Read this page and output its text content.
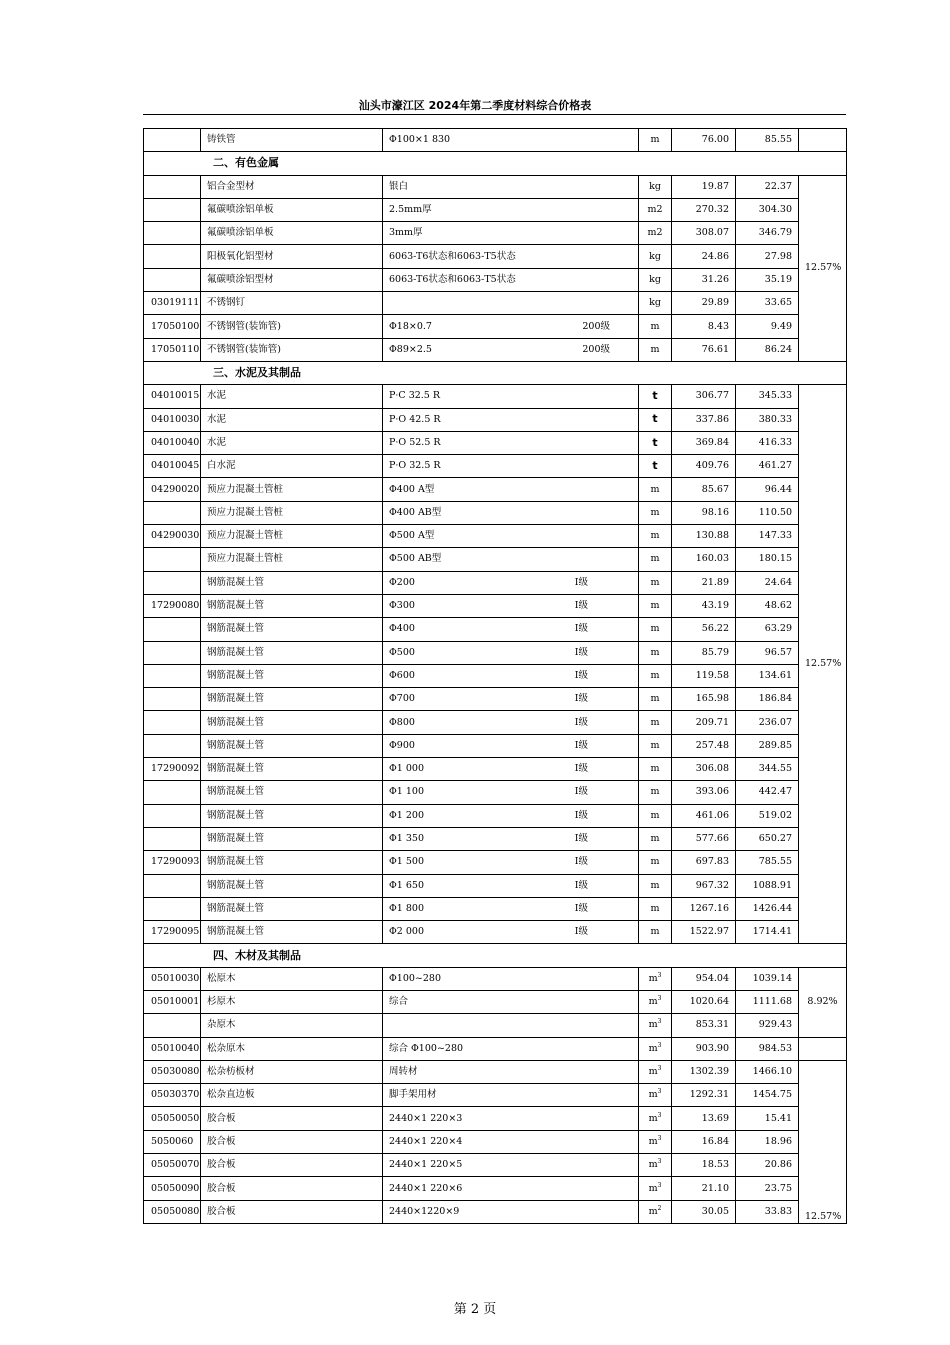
汕头市濠江区 2024年第二季度材料综合价格表
	铸铁管	Φ100×1 830	m	76.00	85.55	
二、有色金属						
	铝合金型材	银白	kg	19.87	22.37	12.57%
	氟碳喷涂铝单板	2.5mm厚	m2	270.32	304.30	
	氟碳喷涂铝单板	3mm厚	m2	308.07	346.79	
	阳极氧化铝型材	6063-T6状态和6063-T5状态	kg	24.86	27.98	
	氟碳喷涂铝型材	6063-T6状态和6063-T5状态	kg	31.26	35.19	
03019111	不锈钢钉		kg	29.89	33.65	
17050100	不锈钢管(装饰管)	Φ18×0.7 200级	m	8.43	9.49	
17050110	不锈钢管(装饰管)	Φ89×2.5 200级	m	76.61	86.24	
三、水泥及其制品						
04010015	水泥	P·C 32.5 R	t	306.77	345.33	12.57%
04010030	水泥	P·O 42.5 R	t	337.86	380.33	
04010040	水泥	P·O 52.5 R	t	369.84	416.33	
04010045	白水泥	P·O 32.5 R	t	409.76	461.27	
04290020	预应力混凝土管桩	Φ400 A型	m	85.67	96.44	
	预应力混凝土管桩	Φ400 AB型	m	98.16	110.50	
04290030	预应力混凝土管桩	Φ500 A型	m	130.88	147.33	
	预应力混凝土管桩	Φ500 AB型	m	160.03	180.15	
	钢筋混凝土管	Φ200 Ⅰ级	m	21.89	24.64	
17290080	钢筋混凝土管	Φ300 Ⅰ级	m	43.19	48.62	
	钢筋混凝土管	Φ400 Ⅰ级	m	56.22	63.29	
	钢筋混凝土管	Φ500 Ⅰ级	m	85.79	96.57	
	钢筋混凝土管	Φ600 Ⅰ级	m	119.58	134.61	
	钢筋混凝土管	Φ700 Ⅰ级	m	165.98	186.84	
	钢筋混凝土管	Φ800 Ⅰ级	m	209.71	236.07	
	钢筋混凝土管	Φ900 Ⅰ级	m	257.48	289.85	
17290092	钢筋混凝土管	Φ1 000 Ⅰ级	m	306.08	344.55	
	钢筋混凝土管	Φ1 100 Ⅰ级	m	393.06	442.47	
	钢筋混凝土管	Φ1 200 Ⅰ级	m	461.06	519.02	
	钢筋混凝土管	Φ1 350 Ⅰ级	m	577.66	650.27	
17290093	钢筋混凝土管	Φ1 500 Ⅰ级	m	697.83	785.55	
	钢筋混凝土管	Φ1 650 Ⅰ级	m	967.32	1088.91	
	钢筋混凝土管	Φ1 800 Ⅰ级	m	1267.16	1426.44	
17290095	钢筋混凝土管	Φ2 000 Ⅰ级	m	1522.97	1714.41	
四、木材及其制品						
05010030	松原木	Φ100~280	$m^3$	954.04	1039.14	8.92%
05010001	杉原木	综合	$m^3$	1020.64	1111.68	
	杂原木		$m^3$	853.31	929.43	
05010040	松杂原木	综合 Φ100~280	$m^3$	903.90	984.53	
05030080	松杂枋板材	周转材	$m^3$	1302.39	1466.10	12.57%
05030370	松杂直边板	脚手架用材	$m^3$	1292.31	1454.75	
05050050	胶合板	2440×1 220×3	$m^3$	13.69	15.41	
5050060	胶合板	2440×1 220×4	$m^3$	16.84	18.96	
05050070	胶合板	2440×1 220×5	$m^3$	18.53	20.86	
05050090	胶合板	2440×1 220×6	$m^3$	21.10	23.75	
05050080	胶合板	2440×1220×9	$m^2$	30.05	33.83	
第 2 页
